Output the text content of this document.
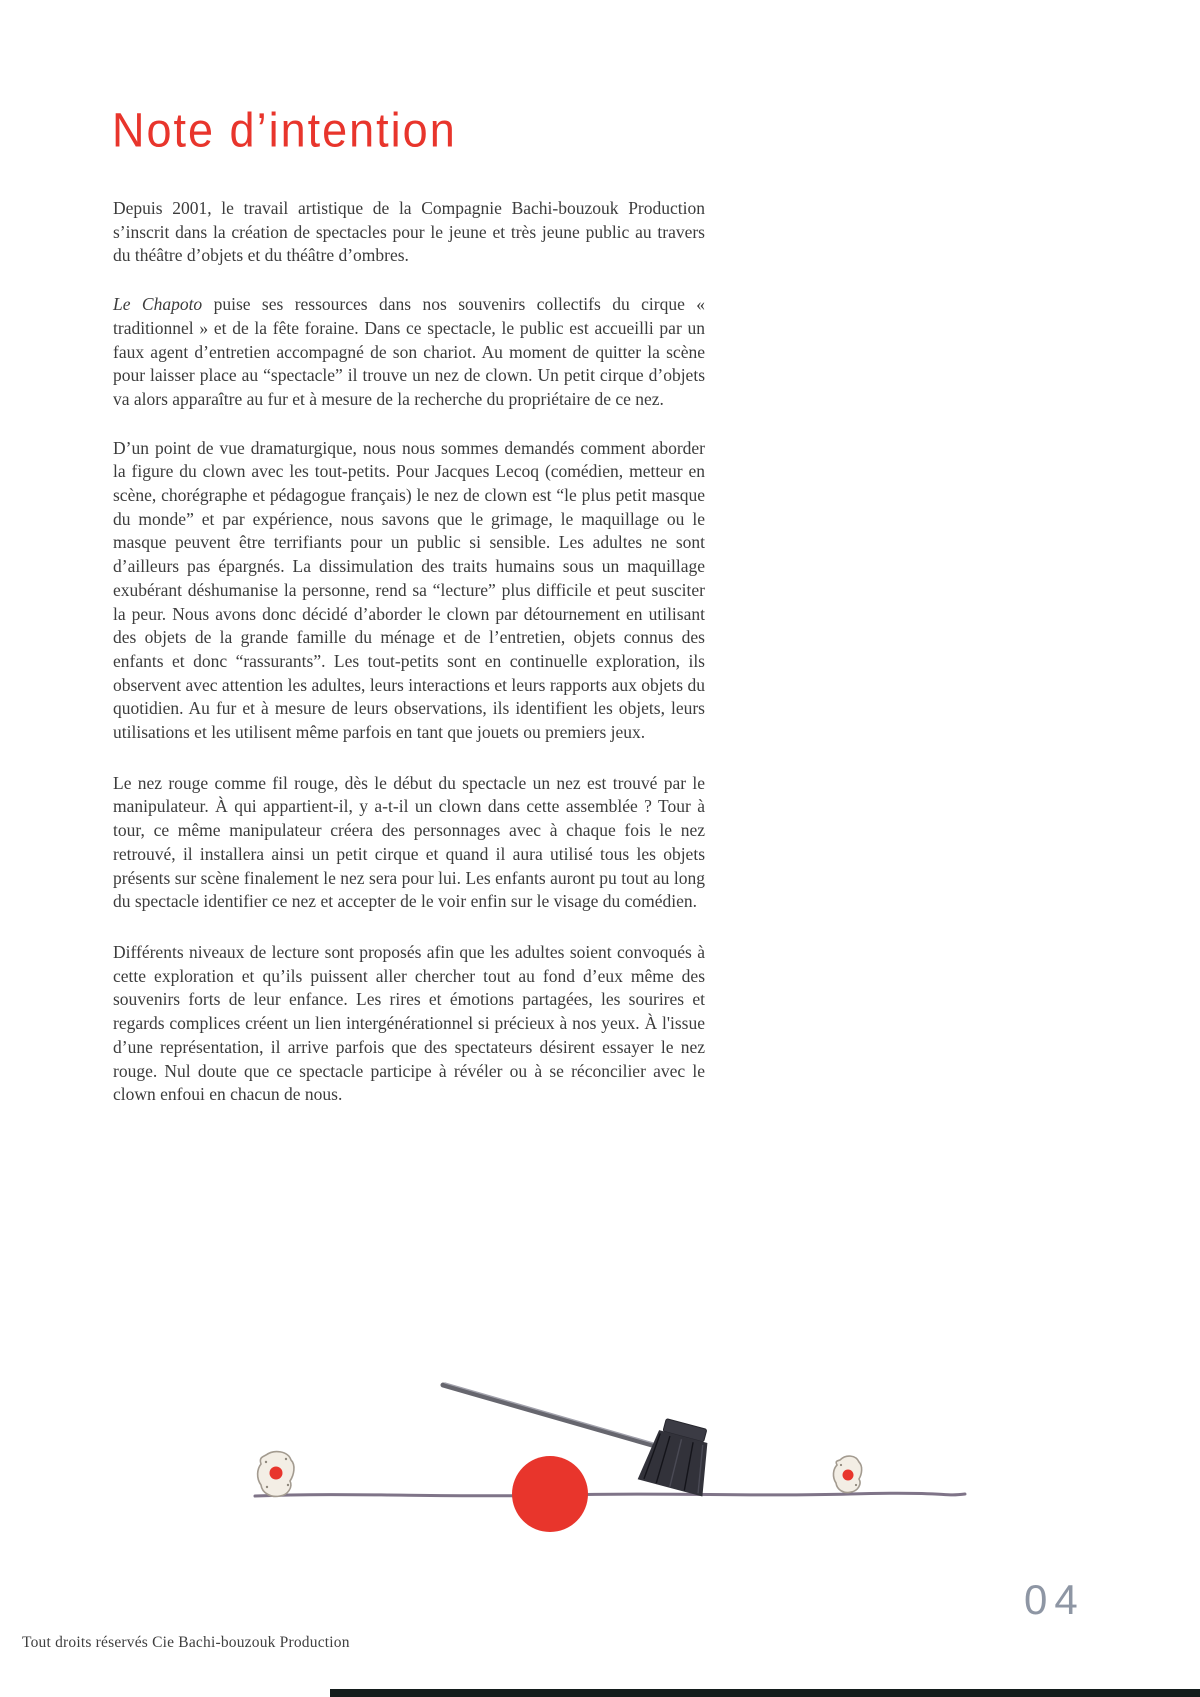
Note d’intention

Depuis 2001, le travail artistique de la Compagnie Bachi-bouzouk Production s’inscrit dans la création de spectacles pour le jeune et très jeune public au travers du théâtre d’objets et du théâtre d’ombres.

Le Chapoto puise ses ressources dans nos souvenirs collectifs du cirque « traditionnel » et de la fête foraine. Dans ce spectacle, le public est accueilli par un faux agent d’entretien accompagné de son chariot. Au moment de quitter la scène pour laisser place au “spectacle” il trouve un nez de clown. Un petit cirque d’objets va alors apparaître au fur et à mesure de la recherche du propriétaire de ce nez.

D’un point de vue dramaturgique, nous nous sommes demandés comment aborder la figure du clown avec les tout-petits. Pour Jacques Lecoq (comédien, metteur en scène, chorégraphe et pédagogue français) le nez de clown est “le plus petit masque du monde” et par expérience, nous savons que le grimage, le maquillage ou le masque peuvent être terrifiants pour un public si sensible. Les adultes ne sont d’ailleurs pas épargnés. La dissimulation des traits humains sous un maquillage exubérant déshumanise la personne, rend sa “lecture” plus difficile et peut susciter la peur. Nous avons donc décidé d’aborder le clown par détournement en utilisant des objets de la grande famille du ménage et de l’entretien, objets connus des enfants et donc “rassurants”. Les tout-petits sont en continuelle exploration, ils observent avec attention les adultes, leurs interactions et leurs rapports aux objets du quotidien. Au fur et à mesure de leurs observations, ils identifient les objets, leurs utilisations et les utilisent même parfois en tant que jouets ou premiers jeux.

Le nez rouge comme fil rouge, dès le début du spectacle un nez est trouvé par le manipulateur. À qui appartient-il, y a-t-il un clown dans cette assemblée ? Tour à tour, ce même manipulateur créera des personnages avec à chaque fois le nez retrouvé, il installera ainsi un petit cirque et quand il aura utilisé tous les objets présents sur scène finalement le nez sera pour lui. Les enfants auront pu tout au long du spectacle identifier ce nez et accepter de le voir enfin sur le visage du comédien.

Différents niveaux de lecture sont proposés afin que les adultes soient convoqués à cette exploration et qu’ils puissent aller chercher tout au fond d’eux même des souvenirs forts de leur enfance. Les rires et émotions partagées, les sourires et regards complices créent un lien intergénérationnel si précieux à nos yeux. À l'issue d’une représentation, il arrive parfois que des spectateurs désirent essayer le nez rouge. Nul doute que ce spectacle participe à révéler ou à se réconcilier avec le clown enfoui en chacun de nous.

Tout droits réservés Cie Bachi-bouzouk Production
04
